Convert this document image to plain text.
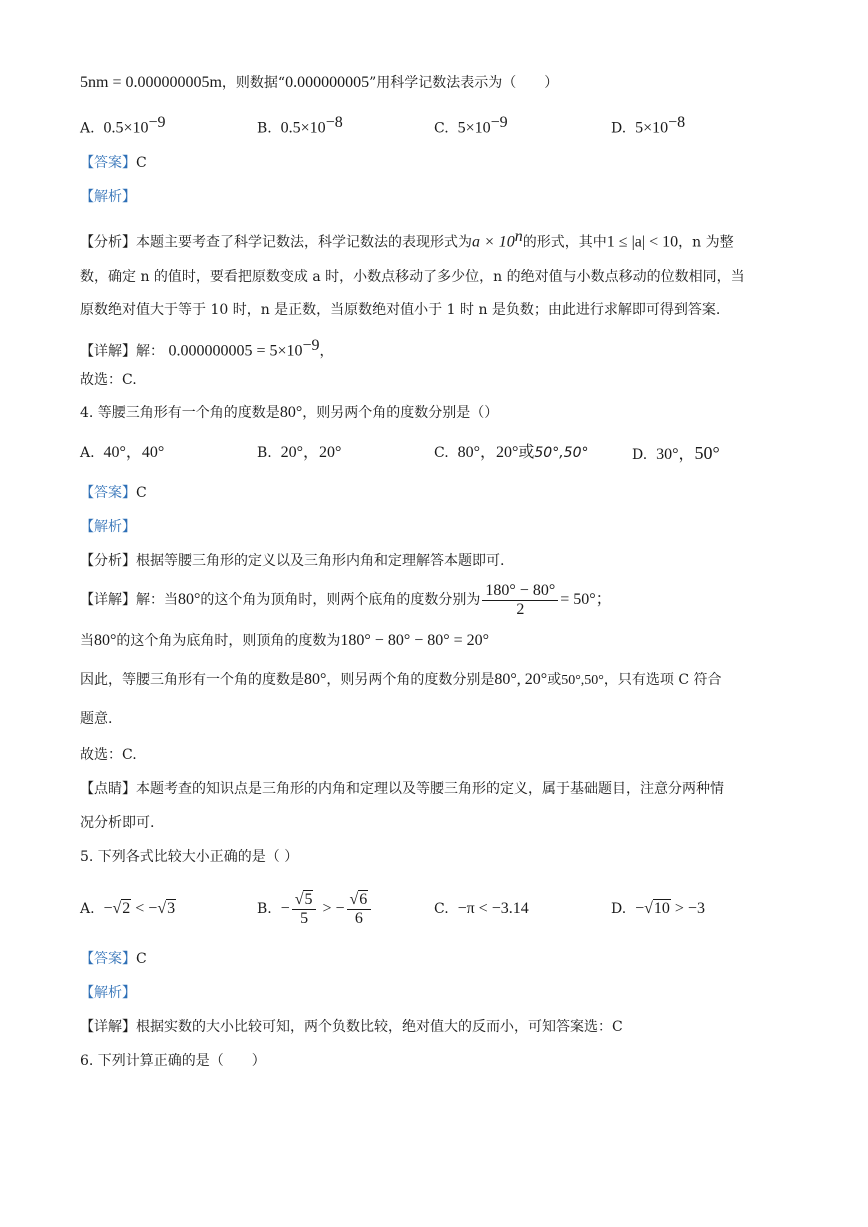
5nm = 0.000000005m，则数据“0.000000005”用科学记数法表示为（　　）
A. $0.5\times 10^{-9}$	B. $0.5\times 10^{-8}$	C. $5\times 10^{-9}$	D. $5\times 10^{-8}$
【答案】C
【解析】
【分析】本题主要考查了科学记数法，科学记数法的表现形式为$a \times 10^n$的形式，其中1 ≤ |a| < 10，n 为整
数，确定 n 的值时，要看把原数变成 a 时，小数点移动了多少位，n 的绝对值与小数点移动的位数相同，当
原数绝对值大于等于 10 时，n 是正数，当原数绝对值小于 1 时 n 是负数；由此进行求解即可得到答案.
【详解】解： $0.000000005 = 5\times 10^{-9}$，
故选：C.
4. 等腰三角形有一个角的度数是80°，则另两个角的度数分别是（）
A. 40°，40°	B. 20°，20°	C. 80°，20°或50°,50°	D. 30°，50°
【答案】C
【解析】
【分析】根据等腰三角形的定义以及三角形内角和定理解答本题即可.
【详解】解：当80°的这个角为顶角时，则两个底角的度数分别为 $\frac{180^\circ - 80^\circ}{2} = 50^\circ$；
当80°的这个角为底角时，则顶角的度数为180° − 80° − 80° = 20°
因此，等腰三角形有一个角的度数是80°，则另两个角的度数分别是80°, 20°或50°,50°，只有选项 C 符合
题意.
故选：C.
【点睛】本题考查的知识点是三角形的内角和定理以及等腰三角形的定义，属于基础题目，注意分两种情
况分析即可.
5. 下列各式比较大小正确的是（ ）
A. −√2 < −√3	B. − $\frac{√5}{5}$ > − $\frac{√6}{6}$	C. −π < −3.14	D. −√10 > −3
【答案】C
【解析】
【详解】根据实数的大小比较可知，两个负数比较，绝对值大的反而小，可知答案选：C
6. 下列计算正确的是（　　）
